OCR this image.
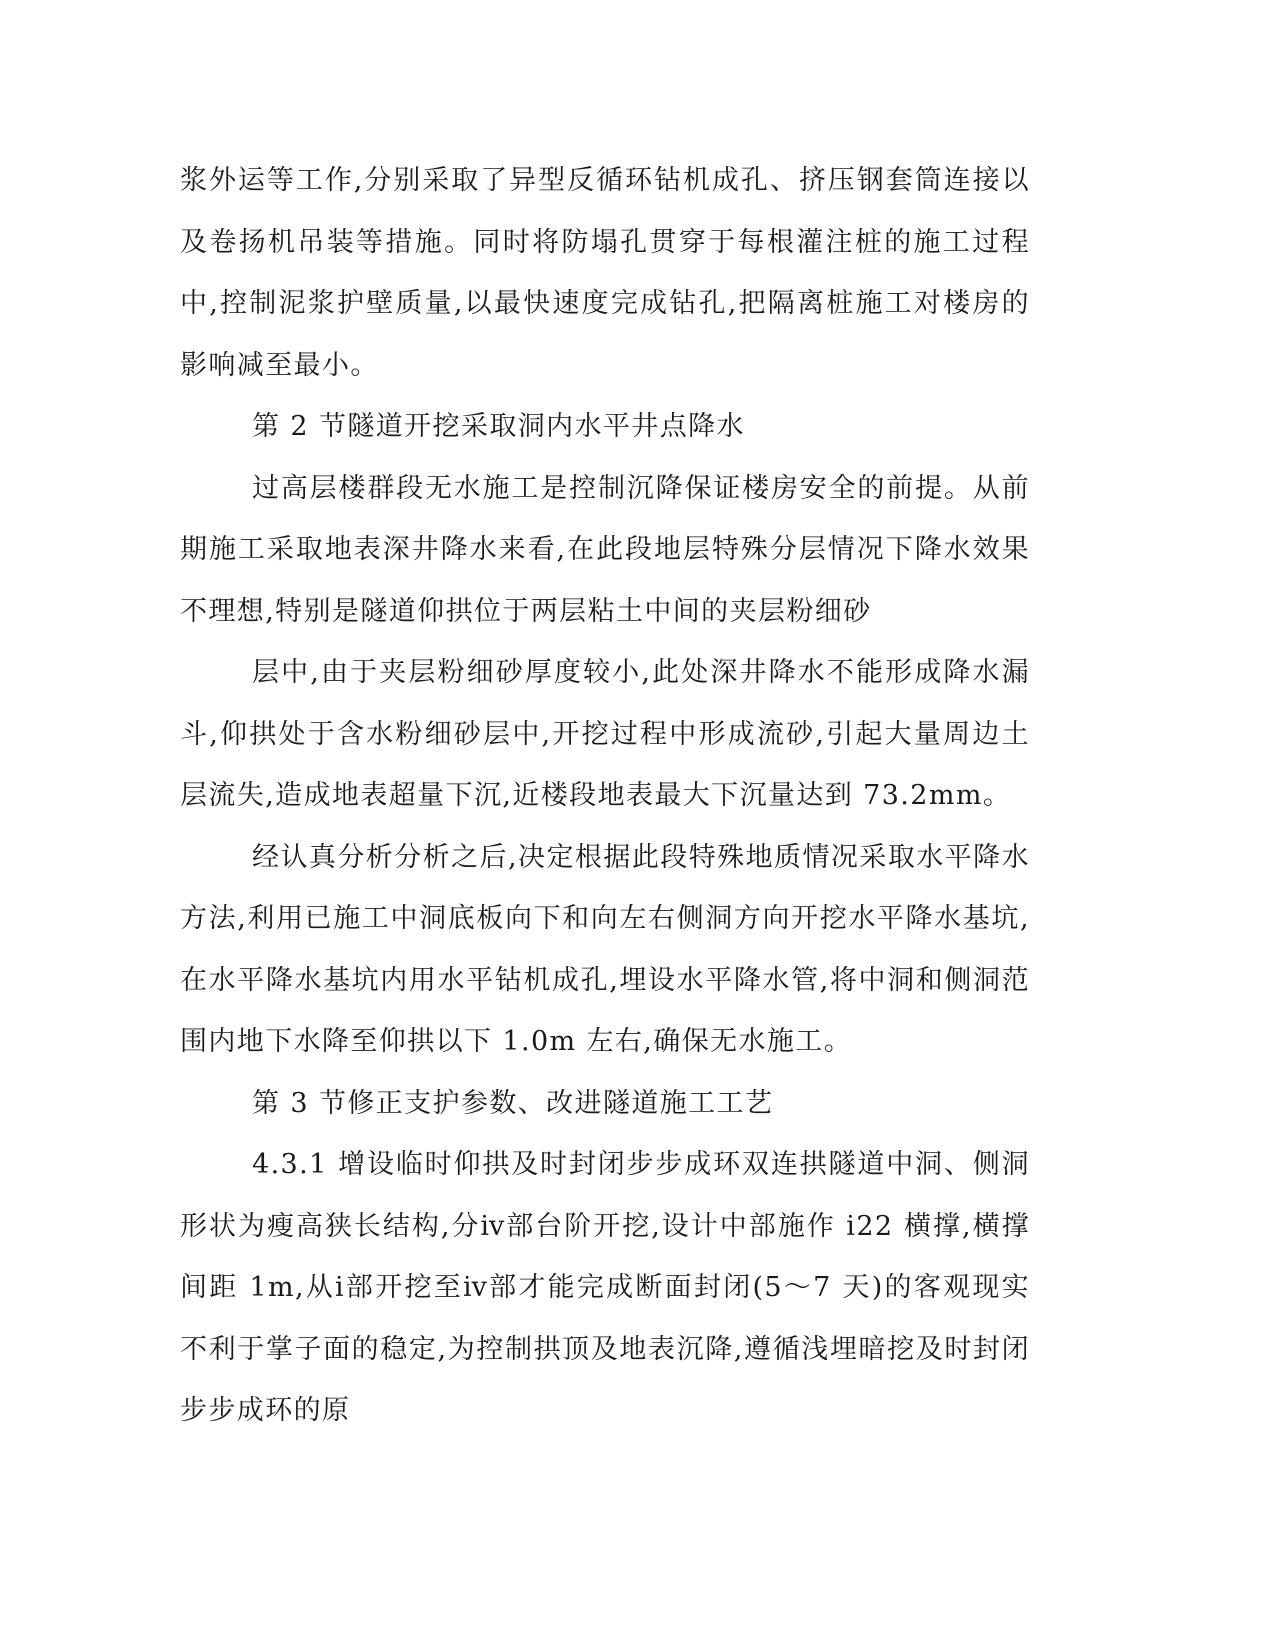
浆外运等工作,分别采取了异型反循环钻机成孔、挤压钢套筒连接以及卷扬机吊装等措施。同时将防塌孔贯穿于每根灌注桩的施工过程中,控制泥浆护壁质量,以最快速度完成钻孔,把隔离桩施工对楼房的影响减至最小。

第 2 节隧道开挖采取洞内水平井点降水

过高层楼群段无水施工是控制沉降保证楼房安全的前提。从前期施工采取地表深井降水来看,在此段地层特殊分层情况下降水效果不理想,特别是隧道仰拱位于两层粘土中间的夹层粉细砂

层中,由于夹层粉细砂厚度较小,此处深井降水不能形成降水漏斗,仰拱处于含水粉细砂层中,开挖过程中形成流砂,引起大量周边土层流失,造成地表超量下沉,近楼段地表最大下沉量达到 73.2mm。

经认真分析分析之后,决定根据此段特殊地质情况采取水平降水方法,利用已施工中洞底板向下和向左右侧洞方向开挖水平降水基坑,在水平降水基坑内用水平钻机成孔,埋设水平降水管,将中洞和侧洞范围内地下水降至仰拱以下 1.0m 左右,确保无水施工。

第 3 节修正支护参数、改进隧道施工工艺

4.3.1 增设临时仰拱及时封闭步步成环双连拱隧道中洞、侧洞形状为瘦高狭长结构,分ⅳ部台阶开挖,设计中部施作 i22 横撑,横撑间距 1m,从ⅰ部开挖至ⅳ部才能完成断面封闭(5～7 天)的客观现实不利于掌子面的稳定,为控制拱顶及地表沉降,遵循浅埋暗挖及时封闭步步成环的原
